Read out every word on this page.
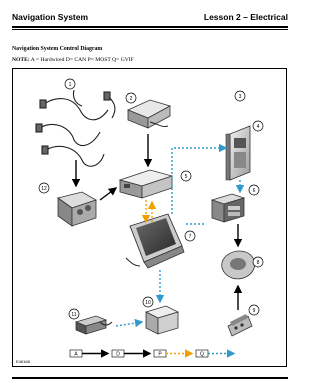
Navigation System	Lesson 2 – Electrical
Navigation System Control Diagram
NOTE: A = Hardwired D= CAN P= MOST Q= GVIF
1
2	3
4
5
6
7
8
9
10
11
12
A	D	P	Q
E46168
